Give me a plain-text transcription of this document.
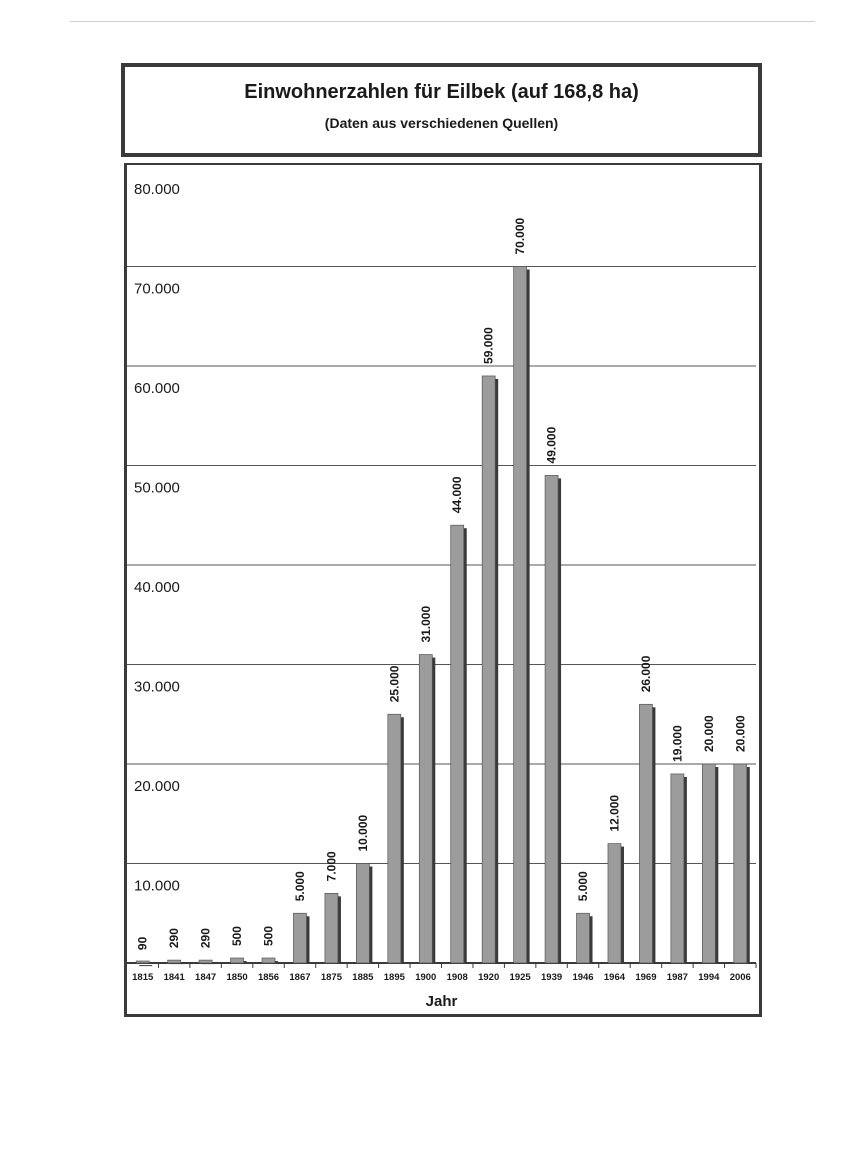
Einwohnerzahlen für Eilbek (auf 168,8 ha)
(Daten aus verschiedenen Quellen)
80.000
70.000
60.000
50.000
40.000
30.000
20.000
10.000
90
1815
290
1841
290
1847
500
1850
500
1856
5.000
1867
7.000
1875
10.000
1885
25.000
1895
31.000
1900
44.000
1908
59.000
1920
70.000
1925
49.000
1939
5.000
1946
12.000
1964
26.000
1969
19.000
1987
20.000
1994
20.000
2006
Jahr
